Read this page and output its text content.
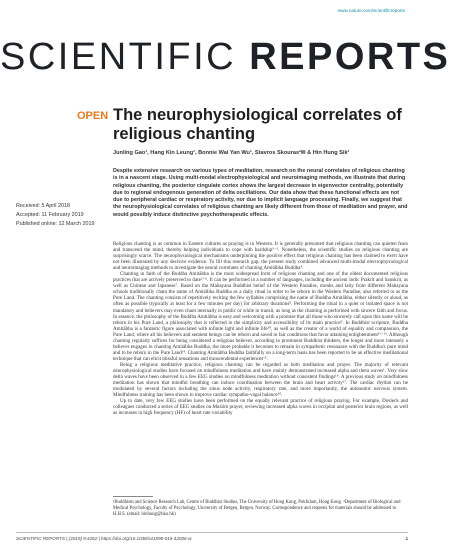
www.nature.com/scientificreports
SCIENTIFIC REPORTS
OPEN The neurophysiological correlates of religious chanting
Junling Gao¹, Hang Kin Leung¹, Bonnie Wai Yan Wu¹, Stavros Skouras²✉ & Hin Hung Sik¹
Received: 5 April 2018
Accepted: 11 February 2019
Published online: 12 March 2019
Despite extensive research on various types of meditation, research on the neural correlates of religious chanting is in a nascent stage. Using multi-modal electrophysiological and neuroimaging methods, we illustrate that during religious chanting, the posterior cingulate cortex shows the largest decrease in eigenvector centrality, potentially due to regional endogenous generation of delta oscillations. Our data show that these functional effects are not due to peripheral cardiac or respiratory activity, nor due to implicit language processing. Finally, we suggest that the neurophysiological correlates of religious chanting are likely different from those of meditation and prayer, and would possibly induce distinctive psychotherapeutic effects.

Religious chanting is as common in Eastern cultures as praying is in Western. It is generally presumed that religious chanting can quieten fears and transcend the mind, thereby helping individuals to cope with hardship¹⁻³. Nonetheless, the scientific studies on religious chanting are surprisingly scarce. The neurophysiological mechanisms underpinning the positive effect that religious chanting has been claimed to exert have not been illustrated by any decisive evidence. To fill this research gap, the present study combined advanced multi-modal electrophysiological and neuroimaging methods to investigate the neural correlates of chanting Amitābha Buddha⁴.

Chanting in faith of the Buddha Amitābha is the most widespread form of religious chanting and one of the oldest documented religious practices that are actively preserved to date⁵⁻⁶. It can be performed in a number of languages, including the ancient Indic Prakrit and Sanskrit, as well as Chinese and Japanese⁷. Based on the Mahayana Buddhist belief of the Western Paradise, monks and laity from different Mahayana schools traditionally chant the name of Amitābha Buddha as a daily ritual in order to be reborn in the Western Paradise, also referred to as the Pure Land. The chanting consists of repetitively reciting the few syllables comprising the name of Buddha Amitābha, either silently or aloud, as often as possible (typically at least for a few minutes per day) for arbitrary durations⁸. Performing the ritual in a quiet or isolated space is not mandatory and believers may even chant internally in public or while in transit, as long as the chanting is performed with sincere faith and focus. In essence, the philosophy of the Buddha Amitābha is easy and welcoming with a promise that all those who sincerely call upon this name will be reborn in his Pure Land, a philosophy that is reflected in the simplicity and accessibility of its main practice⁹. In Buddhist scripture, Buddha Amitābha is a fantastic figure associated with infinite light and infinite life¹⁰, as well as the creator of a world of equality and compassion, the Pure Land, where all his believers and sentient beings can be reborn and saved in fair conditions that favor attaining enlightenment¹¹⁻¹³. Although chanting regularly suffices for being considered a religious believer, according to prominent Buddhist thinkers, the longer and more intensely a believer engages in chanting Amitābha Buddha, the more probable it becomes to remain in sympathetic resonance with the Buddha's pure mind and to be reborn in the Pure Land¹⁴. Chanting Amitābha Buddha faithfully on a long-term basis has been reported to be an effective meditational technique that can elicit blissful sensations and transcendental experiences¹⁵.

Being a religious meditative practice, religious chanting can be regarded as both meditation and prayer. The majority of relevant neurophysiological studies have focused on mindfulness meditation and have mainly demonstrated increased alpha and theta waves¹. Very slow delta waves have been observed in a few EEG studies on mindfulness meditation without consistent findings¹⁶. A previous study on mindfulness meditation has shown that mindful breathing can induce coordination between the brain and heart activity¹⁷. The cardiac rhythm can be modulated by several factors including the sinus node activity, respiratory rate, and more importantly, the autonomic nervous system. Mindfulness training has been shown to improve cardiac sympatho-vagal balance¹⁸.

Up to date, very few EEG studies have been performed on the equally relevant practice of religious praying. For example, Dosleck and colleagues conducted a series of EEG studies on Muslim prayer, reviewing increased alpha waves in occipital and posterior brain regions, as well as increases in high frequency (HF) of heart rate variability

¹Buddhism and Science Research Lab, Centre of Buddhist Studies, The University of Hong Kong, Pokfulam, Hong Kong. ²Department of Biological and Medical Psychology, Faculty of Psychology, University of Bergen, Bergen, Norway. Correspondence and requests for materials should be addressed to H.H.S. (email: hinhung@hku.hk)
SCIENTIFIC REPORTS | (2019) 9:4262 | https://doi.org/10.1038/s41598-019-42006-w	1
